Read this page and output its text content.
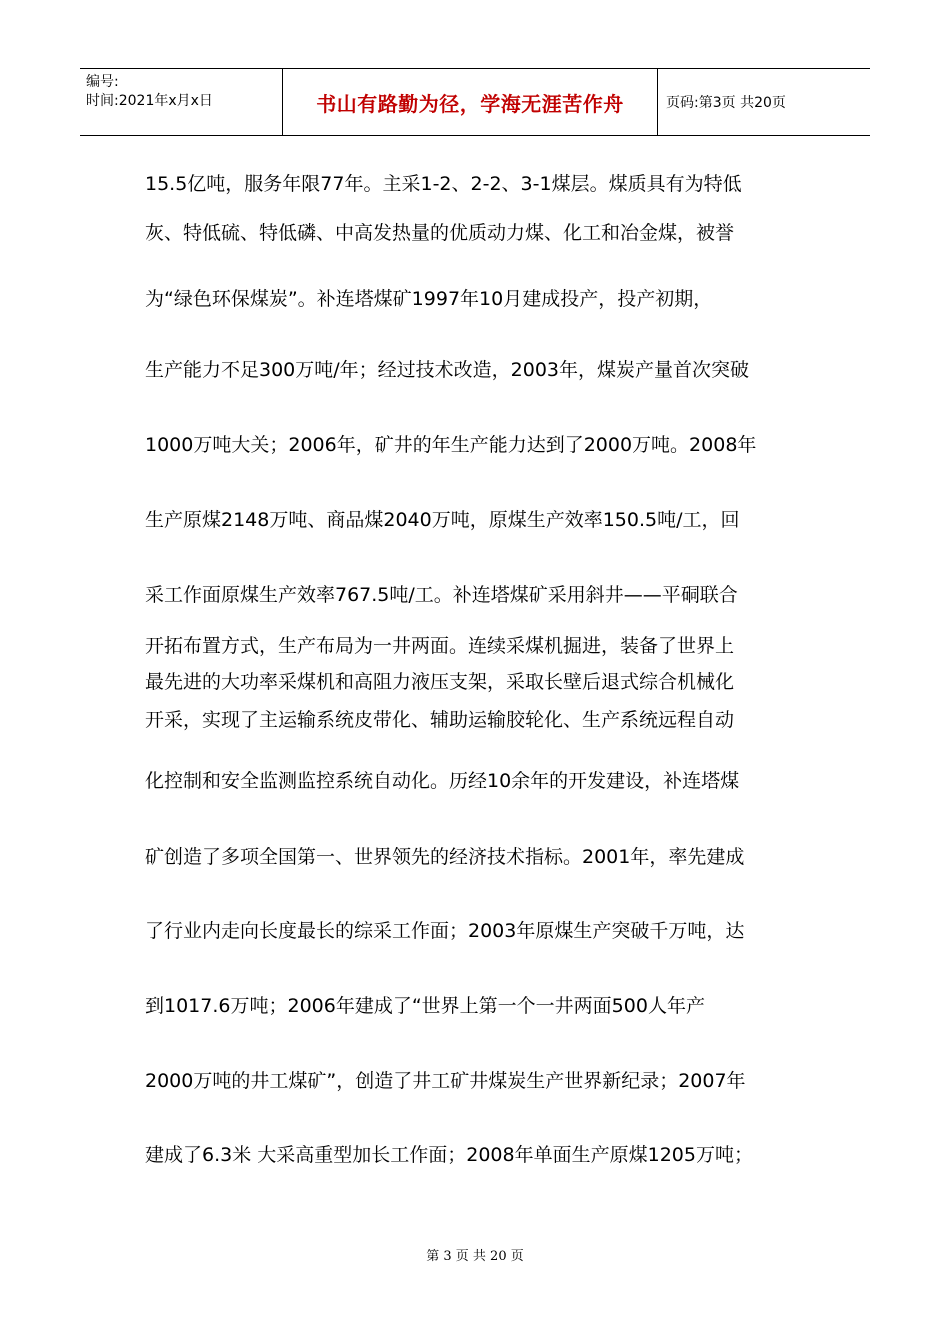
编号:
时间:2021年x月x日	书山有路勤为径，学海无涯苦作舟	页码:第3页 共20页
15.5亿吨，服务年限77年。主采1-2、2-2、3-1煤层。煤质具有为特低
灰、特低硫、特低磷、中高发热量的优质动力煤、化工和冶金煤，被誉
为“绿色环保煤炭”。补连塔煤矿1997年10月建成投产，投产初期，
生产能力不足300万吨/年；经过技术改造，2003年，煤炭产量首次突破
1000万吨大关；2006年，矿井的年生产能力达到了2000万吨。2008年
生产原煤2148万吨、商品煤2040万吨，原煤生产效率150.5吨/工，回
采工作面原煤生产效率767.5吨/工。补连塔煤矿采用斜井——平硐联合
开拓布置方式，生产布局为一井两面。连续采煤机掘进，装备了世界上
最先进的大功率采煤机和高阻力液压支架，采取长壁后退式综合机械化
开采，实现了主运输系统皮带化、辅助运输胶轮化、生产系统远程自动
化控制和安全监测监控系统自动化。历经10余年的开发建设，补连塔煤
矿创造了多项全国第一、世界领先的经济技术指标。2001年，率先建成
了行业内走向长度最长的综采工作面；2003年原煤生产突破千万吨，达
到1017.6万吨；2006年建成了“世界上第一个一井两面500人年产
2000万吨的井工煤矿”，创造了井工矿井煤炭生产世界新纪录；2007年
建成了6.3米 大采高重型加长工作面；2008年单面生产原煤1205万吨；
第 3 页 共 20 页
